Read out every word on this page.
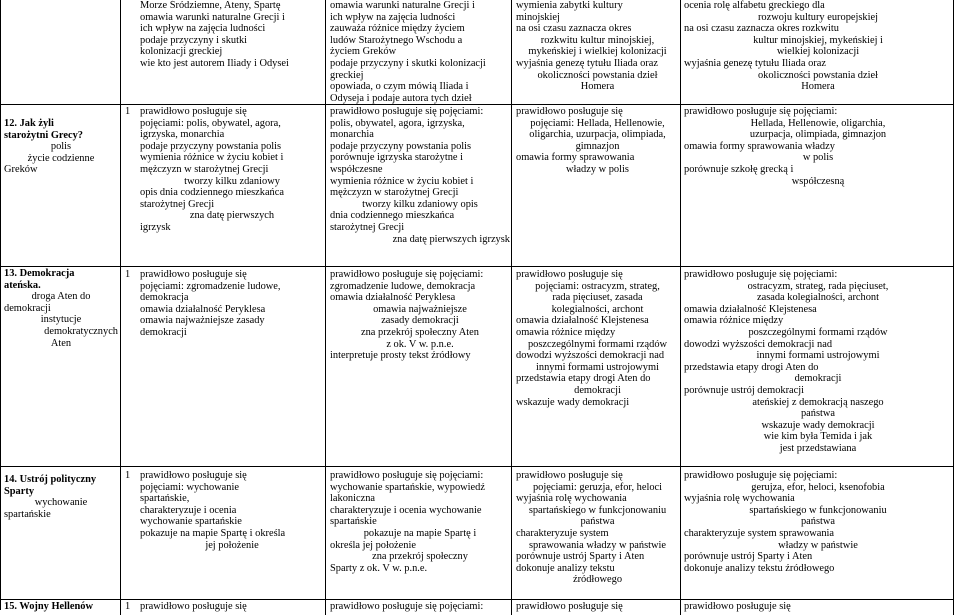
12. Jak żyli
starożytni Grecy?
polis
życie codzienne
Greków
13. Demokracja
ateńska.
droga Aten do
demokracji
instytucje
demokratycznych
Aten
14. Ustrój polityczny
Sparty
wychowanie
spartańskie
15. Wojny Hellenów
1
1
1
1
Morze Śródziemne, Ateny, Spartę
omawia warunki naturalne Grecji i
ich wpływ na zajęcia ludności
podaje przyczyny i skutki
kolonizacji greckiej
wie kto jest autorem Iliady i Odysei
prawidłowo posługuje się
pojęciami: polis, obywatel, agora,
igrzyska, monarchia
podaje przyczyny powstania polis
wymienia różnice w życiu kobiet i
mężczyzn w starożytnej Grecji
tworzy kilku zdaniowy
opis dnia codziennego mieszkańca
starożytnej Grecji
zna datę pierwszych
igrzysk
prawidłowo posługuje się
pojęciami: zgromadzenie ludowe,
demokracja
omawia działalność Peryklesa
omawia najważniejsze zasady
demokracji
prawidłowo posługuje się
pojęciami: wychowanie
spartańskie,
charakteryzuje i ocenia
wychowanie spartańskie
pokazuje na mapie Spartę i określa
jej położenie
prawidłowo posługuje się
omawia warunki naturalne Grecji i
ich wpływ na zajęcia ludności
zauważa różnice między życiem
ludów Starożytnego Wschodu a
życiem Greków
podaje przyczyny i skutki kolonizacji
greckiej
opowiada, o czym mówią Iliada i
Odyseja i podaje autora tych dzieł
prawidłowo posługuje się pojęciami:
polis, obywatel, agora, igrzyska,
monarchia
podaje przyczyny powstania polis
porównuje igrzyska starożytne i
współczesne
wymienia różnice w życiu kobiet i
mężczyzn w starożytnej Grecji
tworzy kilku zdaniowy opis
dnia codziennego mieszkańca
starożytnej Grecji
zna datę pierwszych igrzysk
prawidłowo posługuje się pojęciami:
zgromadzenie ludowe, demokracja
omawia działalność Peryklesa
omawia najważniejsze
zasady demokracji
zna przekrój społeczny Aten
z ok. V w. p.n.e.
interpretuje prosty tekst źródłowy
prawidłowo posługuje się pojęciami:
wychowanie spartańskie, wypowiedź
lakoniczna
charakteryzuje i ocenia wychowanie
spartańskie
pokazuje na mapie Spartę i
określa jej położenie
zna przekrój społeczny
Sparty z ok. V w. p.n.e.
prawidłowo posługuje się pojęciami:
wymienia zabytki kultury
minojskiej
na osi czasu zaznacza okres
rozkwitu kultur minojskiej,
mykeńskiej i wielkiej kolonizacji
wyjaśnia genezę tytułu Iliada oraz
okoliczności powstania dzieł
Homera
prawidłowo posługuje się
pojęciami: Hellada, Hellenowie,
oligarchia, uzurpacja, olimpiada,
gimnazjon
omawia formy sprawowania
władzy w polis
prawidłowo posługuje się
pojęciami: ostracyzm, strateg,
rada pięciuset, zasada
kolegialności, archont
omawia działalność Klejstenesa
omawia różnice między
poszczególnymi formami rządów
dowodzi wyższości demokracji nad
innymi formami ustrojowymi
przedstawia etapy drogi Aten do
demokracji
wskazuje wady demokracji
prawidłowo posługuje się
pojęciami: geruzja, efor, heloci
wyjaśnia rolę wychowania
spartańskiego w funkcjonowaniu
państwa
charakteryzuje system
sprawowania władzy w państwie
porównuje ustrój Sparty i Aten
dokonuje analizy tekstu
źródłowego
prawidłowo posługuje się
ocenia rolę alfabetu greckiego dla
rozwoju kultury europejskiej
na osi czasu zaznacza okres rozkwitu
kultur minojskiej, mykeńskiej i
wielkiej kolonizacji
wyjaśnia genezę tytułu Iliada oraz
okoliczności powstania dzieł
Homera
prawidłowo posługuje się pojęciami:
Hellada, Hellenowie, oligarchia,
uzurpacja, olimpiada, gimnazjon
omawia formy sprawowania władzy
w polis
porównuje szkołę grecką i
współczesną
prawidłowo posługuje się pojęciami:
ostracyzm, strateg, rada pięciuset,
zasada kolegialności, archont
omawia działalność Klejstenesa
omawia różnice między
poszczególnymi formami rządów
dowodzi wyższości demokracji nad
innymi formami ustrojowymi
przedstawia etapy drogi Aten do
demokracji
porównuje ustrój demokracji
ateńskiej z demokracją naszego
państwa
wskazuje wady demokracji
wie kim była Temida i jak
jest przedstawiana
prawidłowo posługuje się pojęciami:
gerujza, efor, heloci, ksenofobia
wyjaśnia rolę wychowania
spartańskiego w funkcjonowaniu
państwa
charakteryzuje system sprawowania
władzy w państwie
porównuje ustrój Sparty i Aten
dokonuje analizy tekstu źródłowego
prawidłowo posługuje się
